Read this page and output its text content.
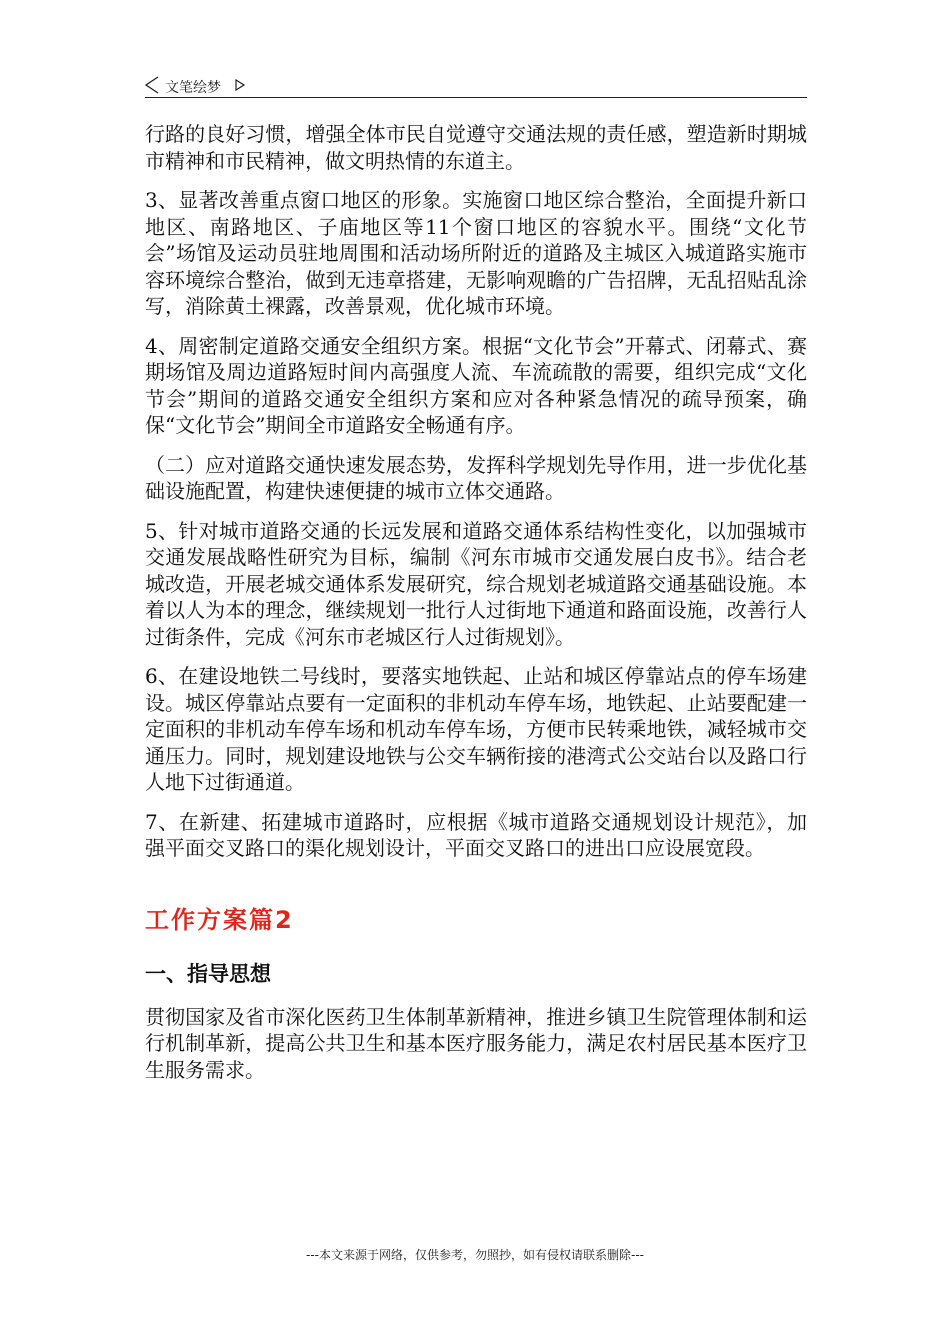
文笔绘梦

行路的良好习惯，增强全体市民自觉遵守交通法规的责任感，塑造新时期城市精神和市民精神，做文明热情的东道主。

3、显著改善重点窗口地区的形象。实施窗口地区综合整治，全面提升新口地区、南路地区、子庙地区等11个窗口地区的容貌水平。围绕“文化节会”场馆及运动员驻地周围和活动场所附近的道路及主城区入城道路实施市容环境综合整治，做到无违章搭建，无影响观瞻的广告招牌，无乱招贴乱涂写，消除黄土裸露，改善景观，优化城市环境。

4、周密制定道路交通安全组织方案。根据“文化节会”开幕式、闭幕式、赛期场馆及周边道路短时间内高强度人流、车流疏散的需要，组织完成“文化节会”期间的道路交通安全组织方案和应对各种紧急情况的疏导预案，确保“文化节会”期间全市道路安全畅通有序。

（二）应对道路交通快速发展态势，发挥科学规划先导作用，进一步优化基础设施配置，构建快速便捷的城市立体交通路。

5、针对城市道路交通的长远发展和道路交通体系结构性变化，以加强城市交通发展战略性研究为目标，编制《河东市城市交通发展白皮书》。结合老城改造，开展老城交通体系发展研究，综合规划老城道路交通基础设施。本着以人为本的理念，继续规划一批行人过街地下通道和路面设施，改善行人过街条件，完成《河东市老城区行人过街规划》。

6、在建设地铁二号线时，要落实地铁起、止站和城区停靠站点的停车场建设。城区停靠站点要有一定面积的非机动车停车场，地铁起、止站要配建一定面积的非机动车停车场和机动车停车场，方便市民转乘地铁，减轻城市交通压力。同时，规划建设地铁与公交车辆衔接的港湾式公交站台以及路口行人地下过街通道。

7、在新建、拓建城市道路时，应根据《城市道路交通规划设计规范》，加强平面交叉路口的渠化规划设计，平面交叉路口的进出口应设展宽段。

工作方案篇2
一、指导思想

贯彻国家及省市深化医药卫生体制革新精神，推进乡镇卫生院管理体制和运行机制革新，提高公共卫生和基本医疗服务能力，满足农村居民基本医疗卫生服务需求。

---本文来源于网络，仅供参考，勿照抄，如有侵权请联系删除---
